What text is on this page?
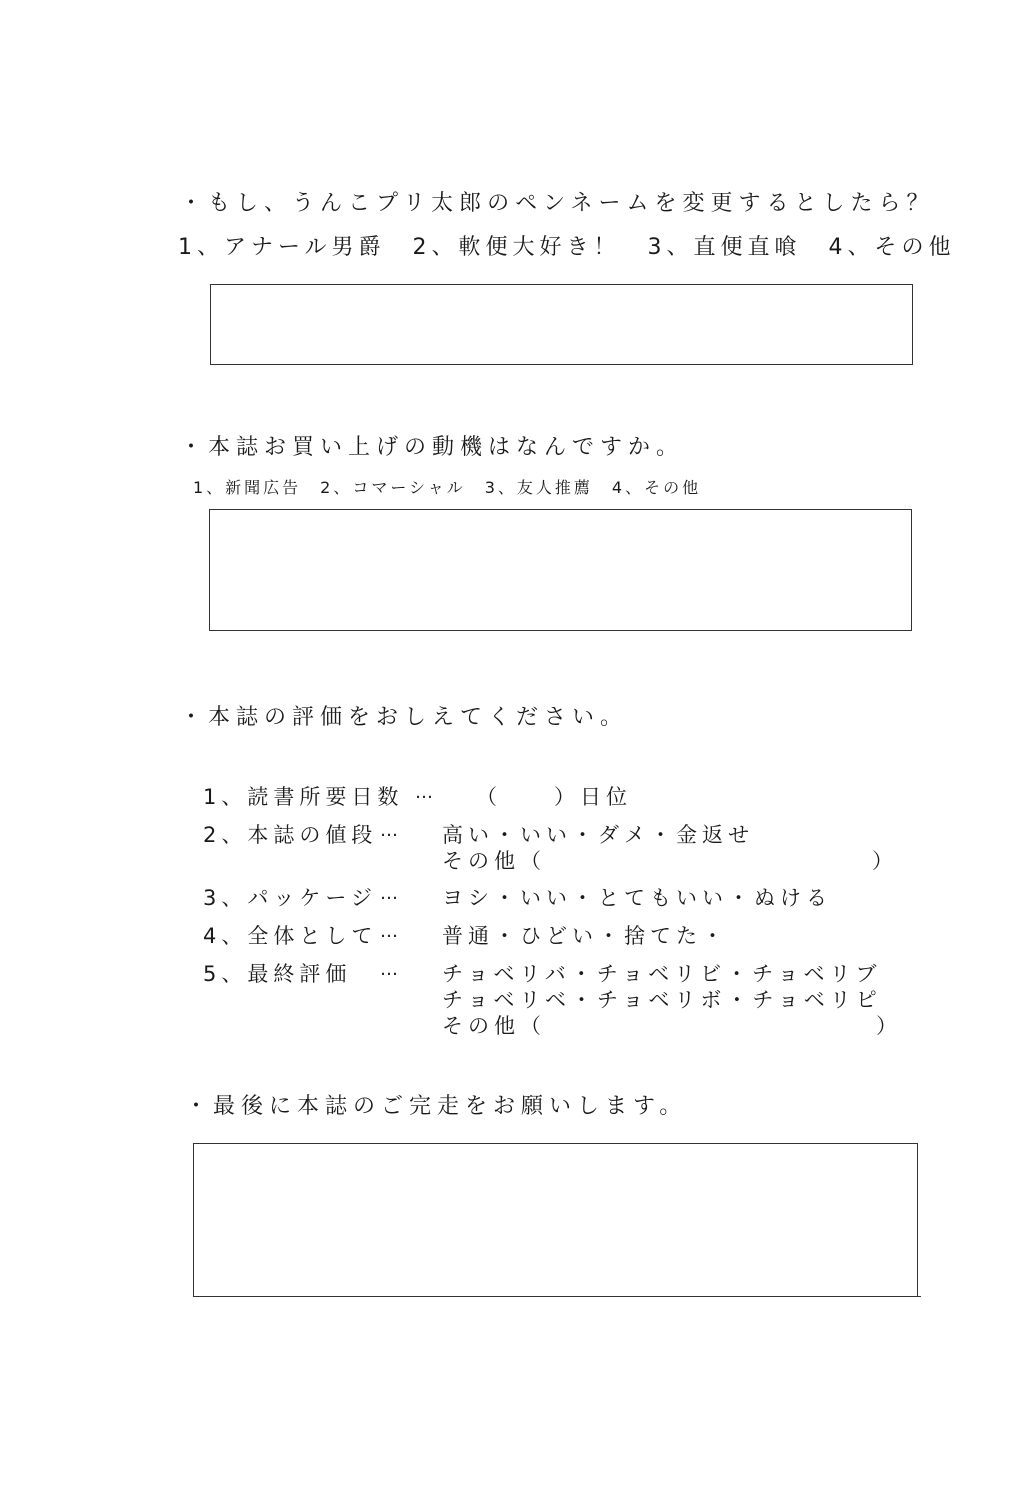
・もし、うんこプリ太郎のペンネームを変更するとしたら？
1、アナール男爵　2、軟便大好き！　3、直便直喰　4、その他
・本誌お買い上げの動機はなんですか。
1、新聞広告　2、コマーシャル　3、友人推薦　4、その他
・本誌の評価をおしえてください。
1、読書所要日数 … （　　）日位
2、本誌の値段 … 高い・いい・ダメ・金返せ
その他（	）
3、パッケージ … ヨシ・いい・とてもいい・ぬける
4、全体として … 普通・ひどい・捨てた・
5、最終評価 … チョベリバ・チョベリビ・チョベリブ
チョベリベ・チョベリボ・チョベリピ
その他（	）
・最後に本誌のご完走をお願いします。
